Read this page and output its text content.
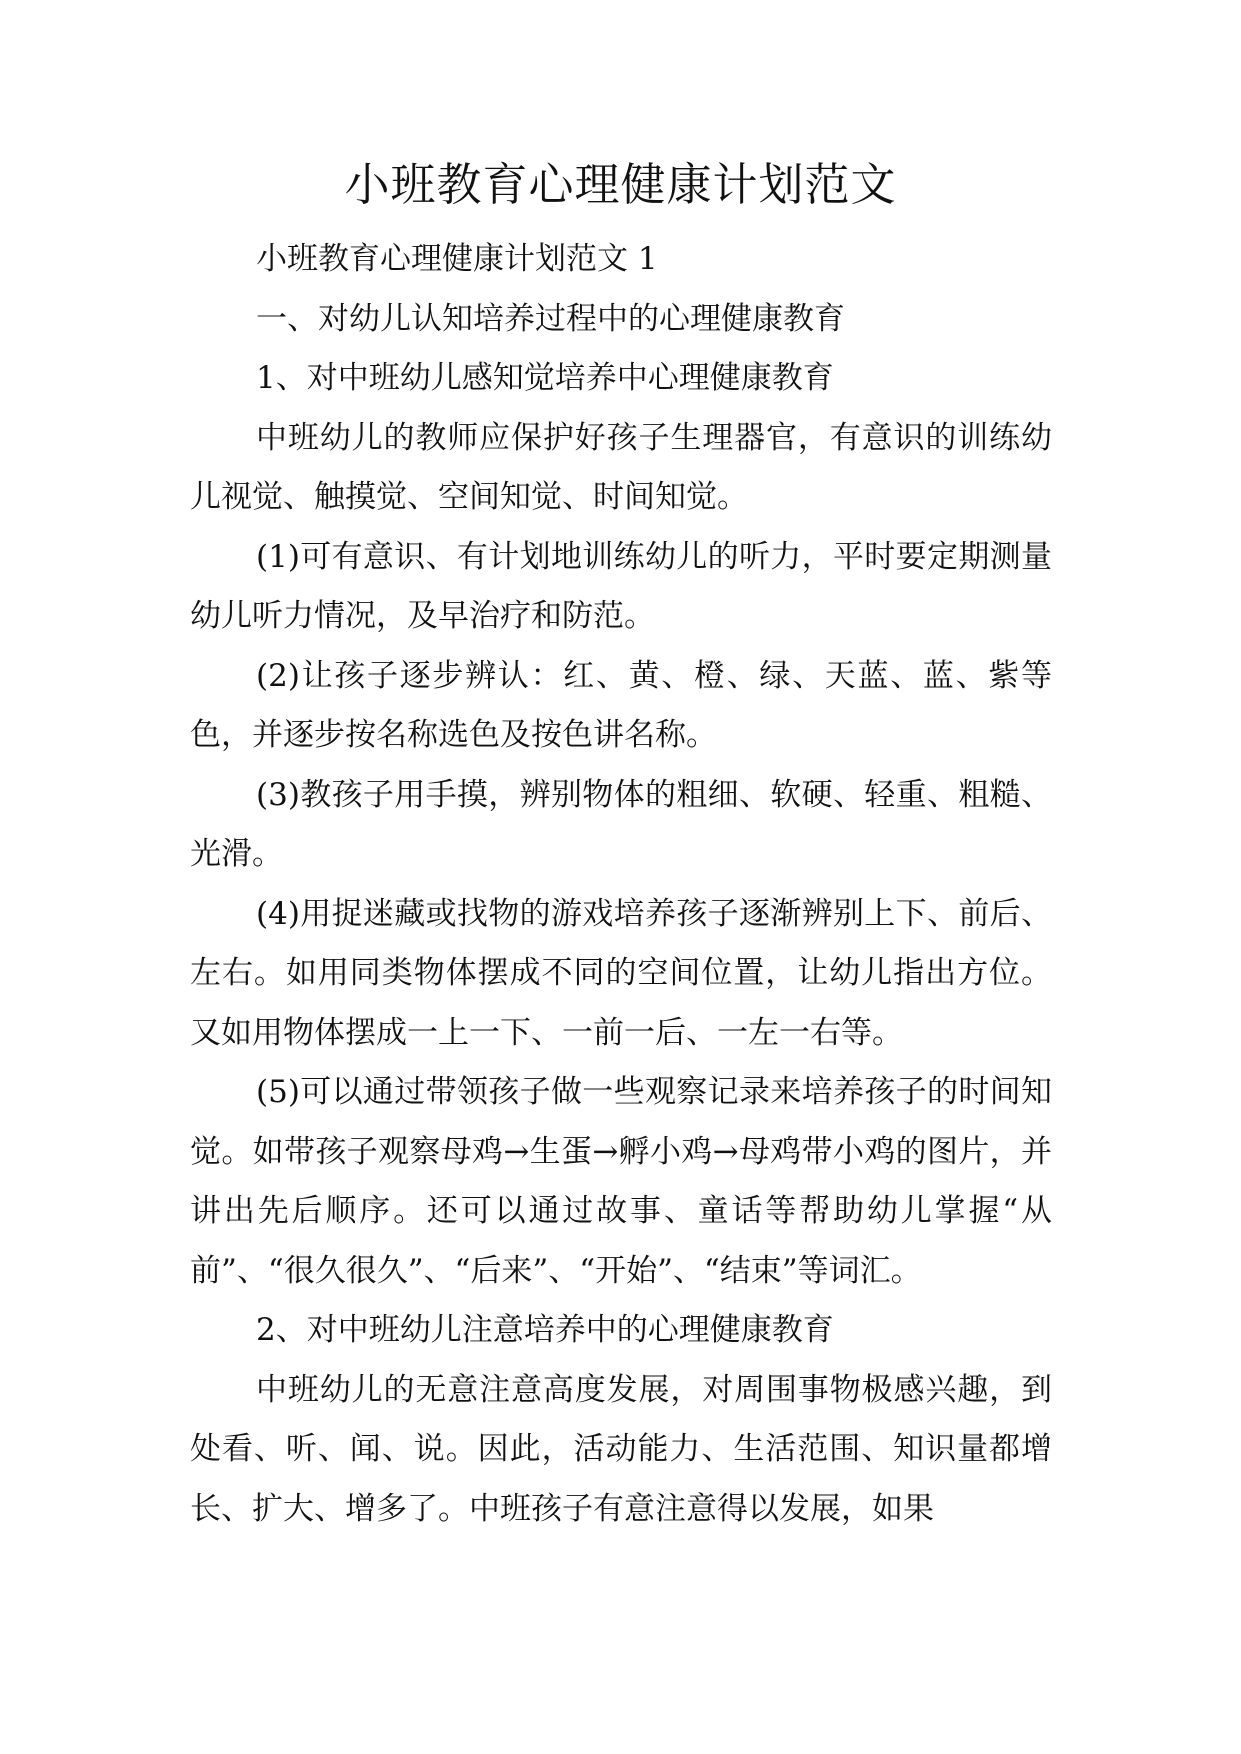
小班教育心理健康计划范文

小班教育心理健康计划范文 1

一、对幼儿认知培养过程中的心理健康教育

1、对中班幼儿感知觉培养中心理健康教育

中班幼儿的教师应保护好孩子生理器官，有意识的训练幼儿视觉、触摸觉、空间知觉、时间知觉。

(1)可有意识、有计划地训练幼儿的听力，平时要定期测量幼儿听力情况，及早治疗和防范。

(2)让孩子逐步辨认：红、黄、橙、绿、天蓝、蓝、紫等色，并逐步按名称选色及按色讲名称。

(3)教孩子用手摸，辨别物体的粗细、软硬、轻重、粗糙、光滑。

(4)用捉迷藏或找物的游戏培养孩子逐渐辨别上下、前后、左右。如用同类物体摆成不同的空间位置，让幼儿指出方位。又如用物体摆成一上一下、一前一后、一左一右等。

(5)可以通过带领孩子做一些观察记录来培养孩子的时间知觉。如带孩子观察母鸡→生蛋→孵小鸡→母鸡带小鸡的图片，并讲出先后顺序。还可以通过故事、童话等帮助幼儿掌握“从前”、“很久很久”、“后来”、“开始”、“结束”等词汇。

2、对中班幼儿注意培养中的心理健康教育

中班幼儿的无意注意高度发展，对周围事物极感兴趣，到处看、听、闻、说。因此，活动能力、生活范围、知识量都增长、扩大、增多了。中班孩子有意注意得以发展，如果
